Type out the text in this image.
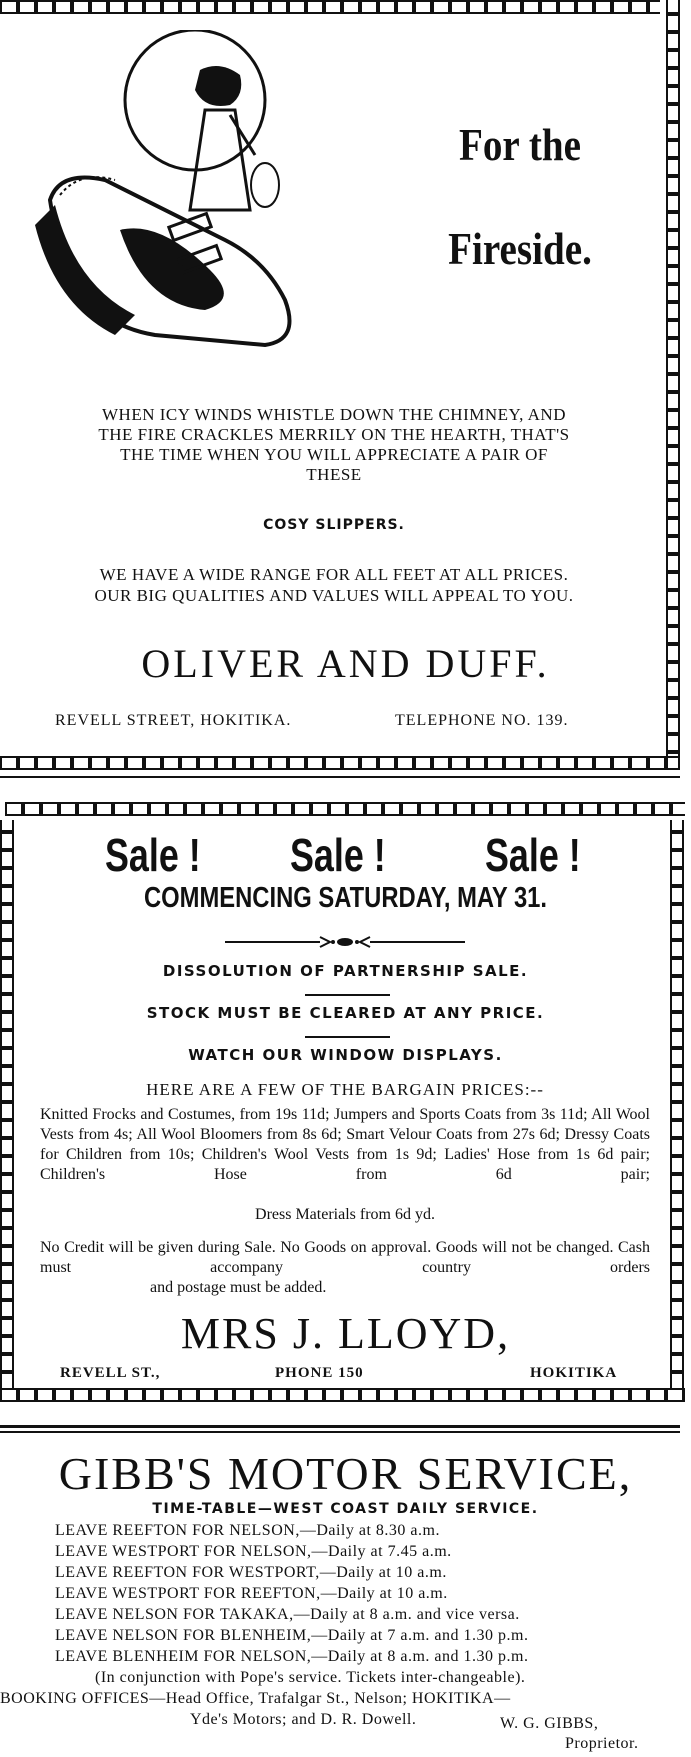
For the
Fireside.
WHEN ICY WINDS WHISTLE DOWN THE CHIMNEY, AND
THE FIRE CRACKLES MERRILY ON THE HEARTH, THAT'S
THE TIME WHEN YOU WILL APPRECIATE A PAIR OF
THESE
COSY SLIPPERS.
WE HAVE A WIDE RANGE FOR ALL FEET AT ALL PRICES.
OUR BIG QUALITIES AND VALUES WILL APPEAL TO YOU.
OLIVER AND DUFF.
REVELL STREET, HOKITIKA.	TELEPHONE NO. 139.
Sale ! Sale ! Sale !
COMMENCING SATURDAY, MAY 31.
DISSOLUTION OF PARTNERSHIP SALE.
STOCK MUST BE CLEARED AT ANY PRICE.
WATCH OUR WINDOW DISPLAYS.
HERE ARE A FEW OF THE BARGAIN PRICES:--
Knitted Frocks and Costumes, from 19s 11d; Jumpers and Sports Coats from 3s 11d; All Wool Vests from 4s; All Wool Bloomers from 8s 6d; Smart Velour Coats from 27s 6d; Dressy Coats for Children from 10s; Children's Wool Vests from 1s 9d; Ladies' Hose from 1s 6d pair; Children's Hose from 6d pair;
Dress Materials from 6d yd.
No Credit will be given during Sale. No Goods on approval. Goods will not be changed. Cash must accompany country orders
and postage must be added.
MRS J. LLOYD,
REVELL ST.,	PHONE 150	HOKITIKA
GIBB'S MOTOR SERVICE,
TIME-TABLE—WEST COAST DAILY SERVICE.
LEAVE REEFTON FOR NELSON,—Daily at 8.30 a.m.
LEAVE WESTPORT FOR NELSON,—Daily at 7.45 a.m.
LEAVE REEFTON FOR WESTPORT,—Daily at 10 a.m.
LEAVE WESTPORT FOR REEFTON,—Daily at 10 a.m.
LEAVE NELSON FOR TAKAKA,—Daily at 8 a.m. and vice versa.
LEAVE NELSON FOR BLENHEIM,—Daily at 7 a.m. and 1.30 p.m.
LEAVE BLENHEIM FOR NELSON,—Daily at 8 a.m. and 1.30 p.m.
(In conjunction with Pope's service. Tickets inter-changeable).
BOOKING OFFICES—Head Office, Trafalgar St., Nelson; HOKITIKA—
Yde's Motors; and D. R. Dowell.	W. G. GIBBS,
Proprietor.
